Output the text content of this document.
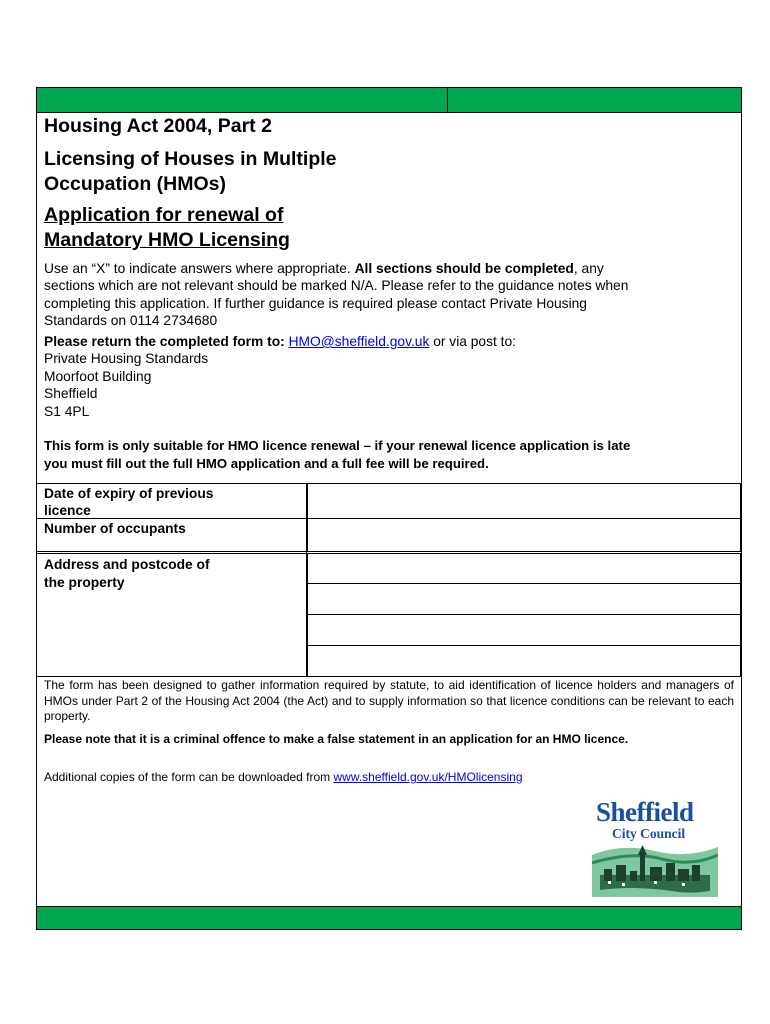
Housing Act 2004, Part 2
Licensing of Houses in Multiple
Occupation (HMOs)
Application for renewal of
Mandatory HMO Licensing
Use an “X” to indicate answers where appropriate. All sections should be completed, any
sections which are not relevant should be marked N/A. Please refer to the guidance notes when
completing this application. If further guidance is required please contact Private Housing
Standards on 0114 2734680
Please return the completed form to: HMO@sheffield.gov.uk or via post to:
Private Housing Standards
Moorfoot Building
Sheffield
S1 4PL
This form is only suitable for HMO licence renewal – if your renewal licence application is late
you must fill out the full HMO application and a full fee will be required.
Date of expiry of previous
licence
Number of occupants
Address and postcode of
the property
The form has been designed to gather information required by statute, to aid identification of licence holders and managers of HMOs under Part 2 of the Housing Act 2004 (the Act) and to supply information so that licence conditions can be relevant to each property.
Please note that it is a criminal offence to make a false statement in an application for an HMO licence.
Additional copies of the form can be downloaded from www.sheffield.gov.uk/HMOlicensing
Sheffield
City Council
